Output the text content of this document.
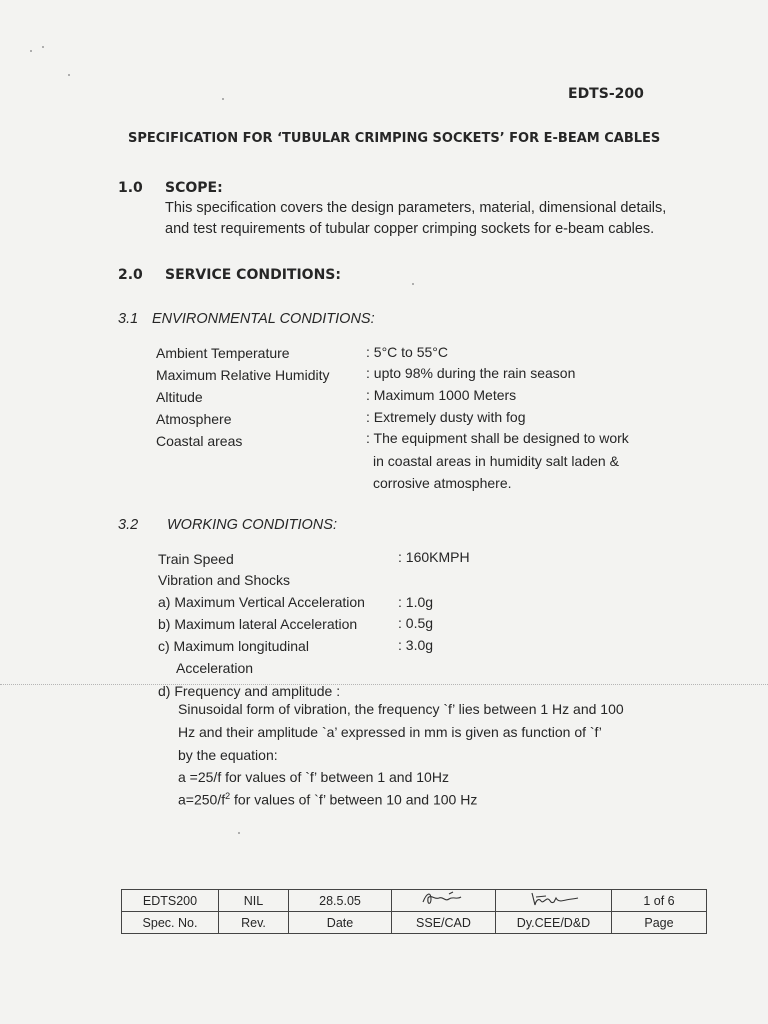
EDTS-200
SPECIFICATION FOR ‘TUBULAR CRIMPING SOCKETS’ FOR E-BEAM CABLES
1.0 SCOPE:
This specification covers the design parameters, material, dimensional details,
and test requirements of tubular copper crimping sockets for e-beam cables.
2.0 SERVICE CONDITIONS:
3.1 ENVIRONMENTAL CONDITIONS:
Ambient Temperature	: 5°C to 55°C
Maximum Relative Humidity	: upto 98% during the rain season
Altitude	: Maximum 1000 Meters
Atmosphere	: Extremely dusty with fog
Coastal areas	: The equipment shall be designed to work
in coastal areas in humidity salt laden &
corrosive atmosphere.
3.2 WORKING CONDITIONS:
Train Speed	: 160KMPH
Vibration and Shocks
a) Maximum Vertical Acceleration : 1.0g
b) Maximum lateral Acceleration	: 0.5g
c) Maximum longitudinal	: 3.0g
Acceleration
d) Frequency and amplitude :
Sinusoidal form of vibration, the frequency `f’ lies between 1 Hz and 100
Hz and their amplitude `a’ expressed in mm is given as function of `f’
by the equation:
a =25/f for values of `f’ between 1 and 10Hz
$a=250/f^2$ for values of `f’ between 10 and 100 Hz
EDTS200	NIL	28.5.05			1 of 6
Spec. No.	Rev.	Date	SSE/CAD	Dy.CEE/D&D	Page
